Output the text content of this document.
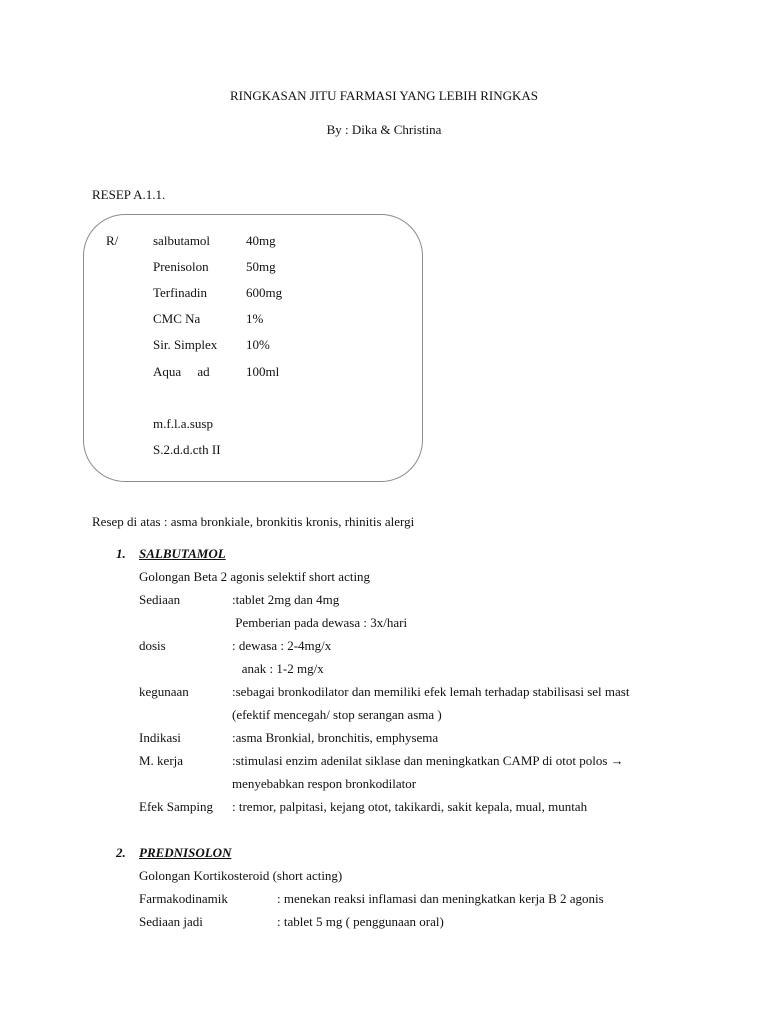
RINGKASAN JITU FARMASI YANG LEBIH RINGKAS
By : Dika & Christina
RESEP A.1.1.
R/	salbutamol	40mg
Prenisolon	50mg
Terfinadin	600mg
CMC Na	1%
Sir. Simplex 10%
Aqua     ad	100ml
m.f.l.a.susp
S.2.d.d.cth II
Resep di atas : asma bronkiale, bronkitis kronis, rhinitis alergi
1. SALBUTAMOL
Golongan Beta 2 agonis selektif short acting
Sediaan	:tablet 2mg dan 4mg
Pemberian pada dewasa : 3x/hari
dosis	: dewasa : 2-4mg/x
anak : 1-2 mg/x
kegunaan	:sebagai bronkodilator dan memiliki efek lemah terhadap stabilisasi sel mast
(efektif mencegah/ stop serangan asma )
Indikasi	:asma Bronkial, bronchitis, emphysema
M. kerja	:stimulasi enzim adenilat siklase dan meningkatkan CAMP di otot polos →
menyebabkan respon bronkodilator
Efek Samping : tremor, palpitasi, kejang otot, takikardi, sakit kepala, mual, muntah
2. PREDNISOLON
Golongan Kortikosteroid (short acting)
Farmakodinamik	: menekan reaksi inflamasi dan meningkatkan kerja B 2 agonis
Sediaan jadi	: tablet 5 mg ( penggunaan oral)
